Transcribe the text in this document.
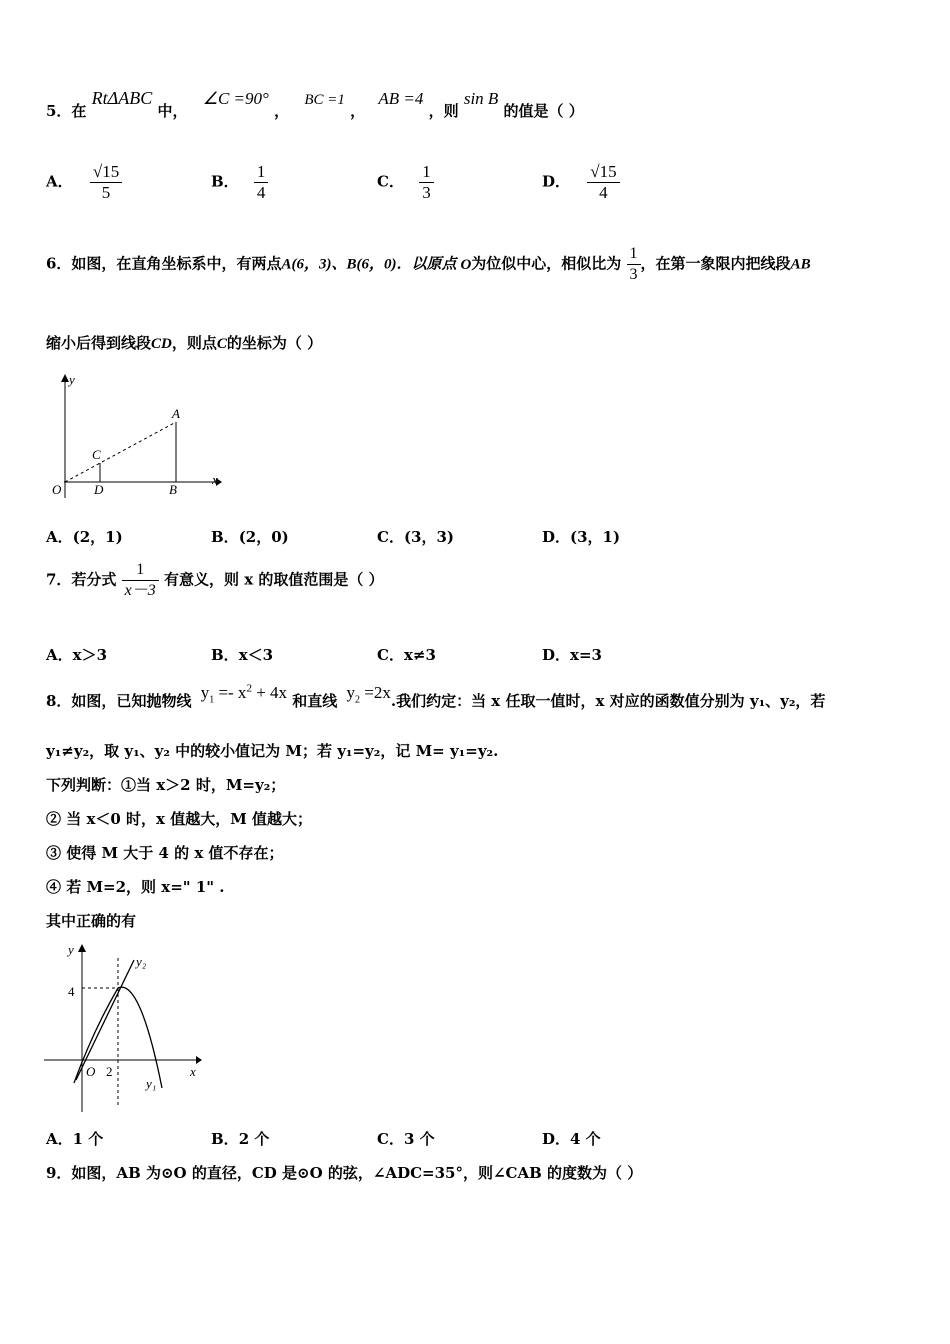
5．在 RtΔABC 中， ∠C =90° ， BC =1 ， AB =4 ，则 sin B 的值是（ ）
A． $\frac{√15}{5}$	B． $\frac{1}{4}$	C． $\frac{1}{3}$	D． $\frac{√15}{4}$
6．如图，在直角坐标系中，有两点A(6，3)、B(6，0)．以原点 O为位似中心，相似比为 $\frac{1}{3}$ ，在第一象限内把线段AB
缩小后得到线段CD，则点C的坐标为（ ）
y
x
O
A
B
C
D
A．(2，1)	B．(2，0)	C．(3，3)	D．(3，1)
7．若分式 $\frac{1}{x-3}$ 有意义，则 x 的取值范围是（ ）
A．x＞3	B．x＜3	C．x≠3	D．x=3
8．如图，已知抛物线 $y_1 =- x^2 + 4x$ 和直线 $y_2 =2x$.我们约定：当 x 任取一值时，x 对应的函数值分别为 y₁、y₂，若
y₁≠y₂，取 y₁、y₂ 中的较小值记为 M；若 y₁=y₂，记 M= y₁=y₂.
下列判断：①当 x＞2 时，M=y₂；
② 当 x＜0 时，x 值越大，M 值越大；
③ 使得 M 大于 4 的 x 值不存在；
④ 若 M=2，则 x=" 1" .
其中正确的有
y
x
O 2
4
y₂
y₁
A．1 个	B．2 个	C．3 个	D．4 个
9．如图，AB 为⊙O 的直径，CD 是⊙O 的弦，∠ADC=35°，则∠CAB 的度数为（ ）
